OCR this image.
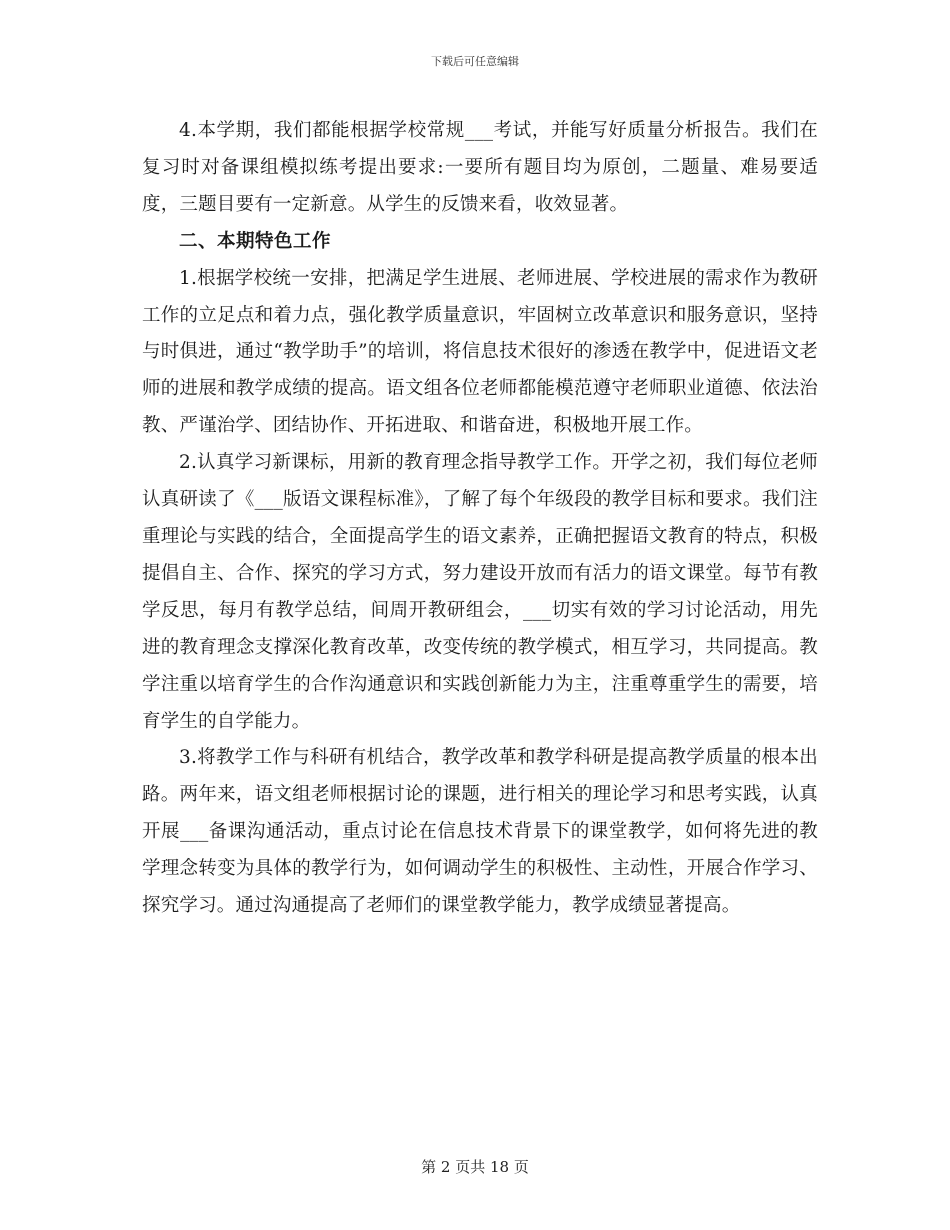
下载后可任意编辑

4.本学期，我们都能根据学校常规___考试，并能写好质量分析报告。我们在复习时对备课组模拟练考提出要求:一要所有题目均为原创，二题量、难易要适度，三题目要有一定新意。从学生的反馈来看，收效显著。

二、本期特色工作

1.根据学校统一安排，把满足学生进展、老师进展、学校进展的需求作为教研工作的立足点和着力点，强化教学质量意识，牢固树立改革意识和服务意识，坚持与时俱进，通过“教学助手”的培训，将信息技术很好的渗透在教学中，促进语文老师的进展和教学成绩的提高。语文组各位老师都能模范遵守老师职业道德、依法治教、严谨治学、团结协作、开拓进取、和谐奋进，积极地开展工作。

2.认真学习新课标，用新的教育理念指导教学工作。开学之初，我们每位老师认真研读了《___版语文课程标准》，了解了每个年级段的教学目标和要求。我们注重理论与实践的结合，全面提高学生的语文素养，正确把握语文教育的特点，积极提倡自主、合作、探究的学习方式，努力建设开放而有活力的语文课堂。每节有教学反思，每月有教学总结，间周开教研组会，___切实有效的学习讨论活动，用先进的教育理念支撑深化教育改革，改变传统的教学模式，相互学习，共同提高。教学注重以培育学生的合作沟通意识和实践创新能力为主，注重尊重学生的需要，培育学生的自学能力。

3.将教学工作与科研有机结合，教学改革和教学科研是提高教学质量的根本出路。两年来，语文组老师根据讨论的课题，进行相关的理论学习和思考实践，认真开展___备课沟通活动，重点讨论在信息技术背景下的课堂教学，如何将先进的教学理念转变为具体的教学行为，如何调动学生的积极性、主动性，开展合作学习、探究学习。通过沟通提高了老师们的课堂教学能力，教学成绩显著提高。

第 2 页共 18 页
